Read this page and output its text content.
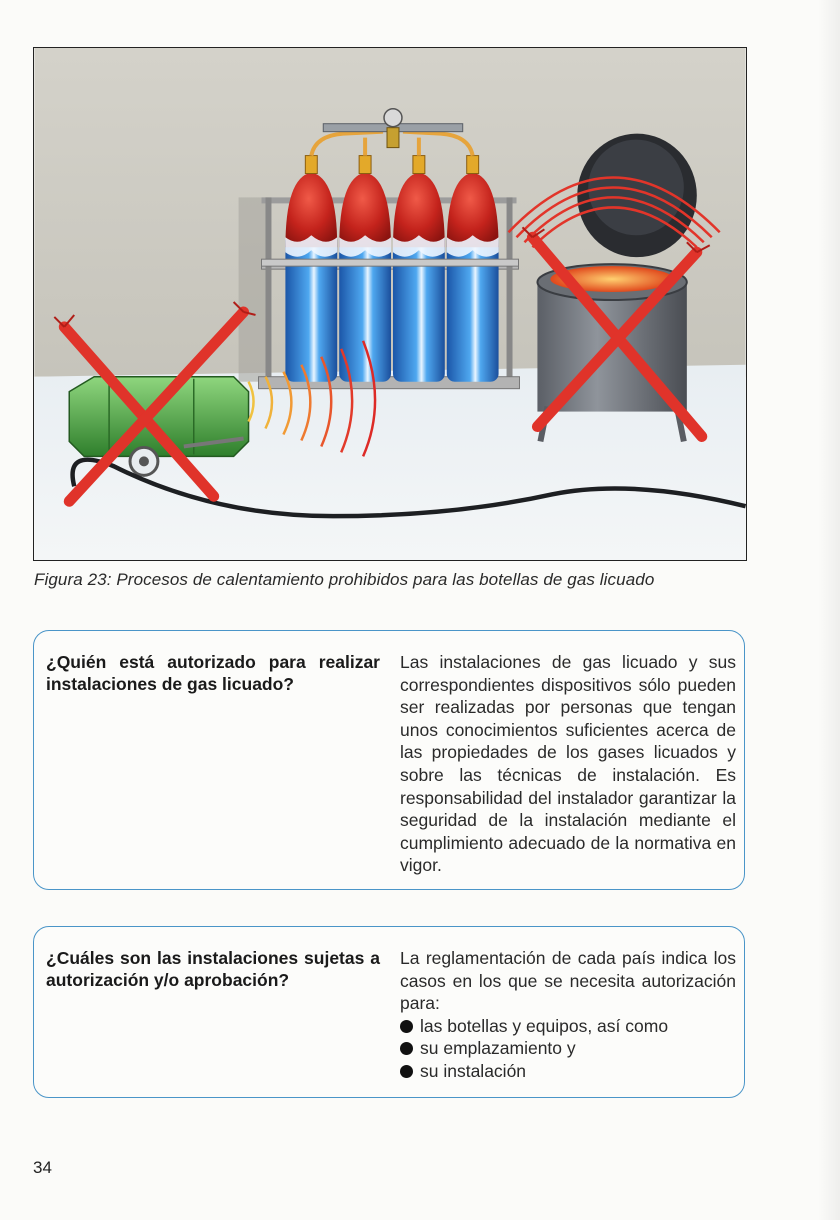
Figura 23: Procesos de calentamiento prohibidos para las botellas de gas licuado
¿Quién está autorizado para realizar instalaciones de gas licuado?
Las instalaciones de gas licuado y sus correspondientes dispositivos sólo pueden ser realizadas por personas que tengan unos conocimientos suficientes acerca de las propiedades de los gases licuados y sobre las técnicas de instalación. Es responsabilidad del instalador garantizar la seguridad de la instalación mediante el cumplimiento adecuado de la normativa en vigor.
¿Cuáles son las instalaciones sujetas a autorización y/o aprobación?
La reglamentación de cada país indica los casos en los que se necesita autorización para:
las botellas y equipos, así como
su emplazamiento y
su instalación
34
